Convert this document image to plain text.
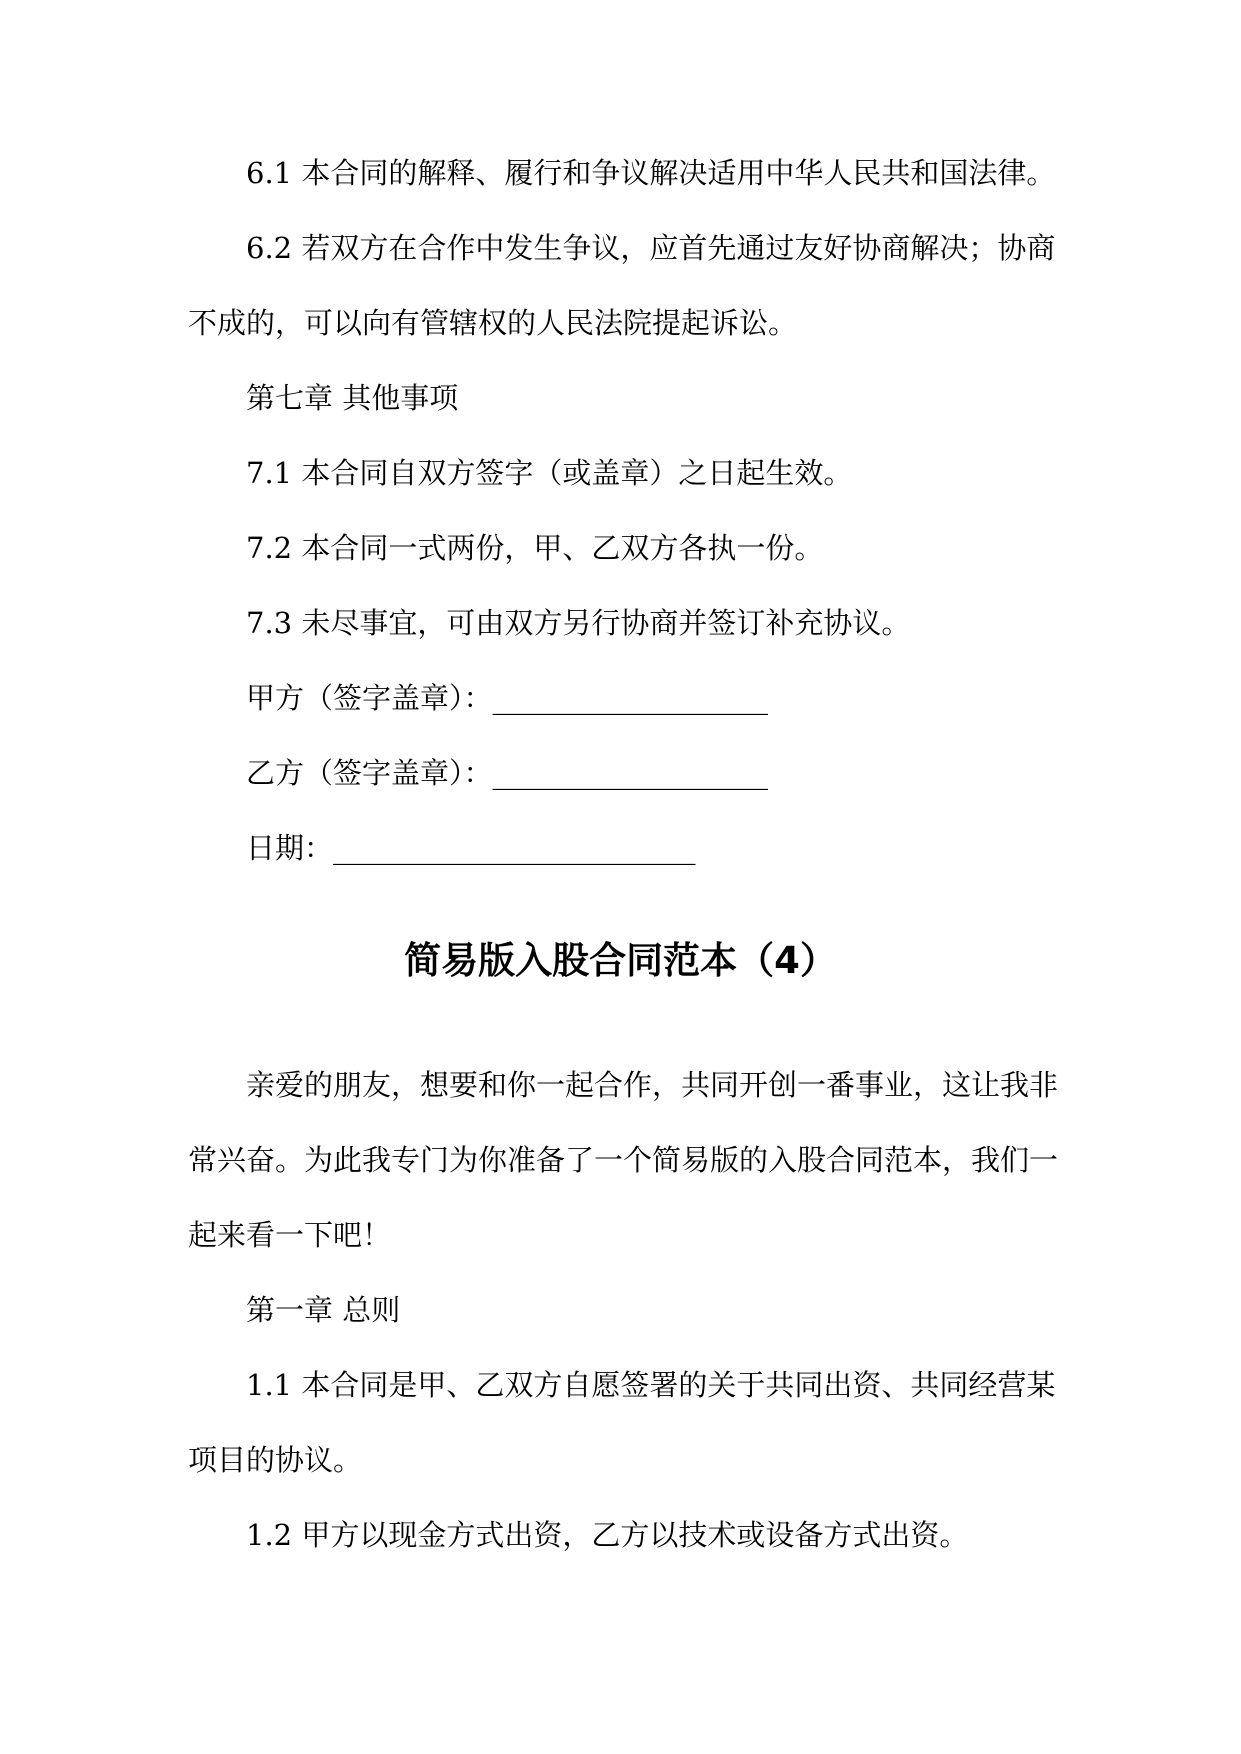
6.1 本合同的解释、履行和争议解决适用中华人民共和国法律。
6.2 若双方在合作中发生争议，应首先通过友好协商解决；协商
不成的，可以向有管辖权的人民法院提起诉讼。
第七章 其他事项
7.1 本合同自双方签字（或盖章）之日起生效。
7.2 本合同一式两份，甲、乙双方各执一份。
7.3 未尽事宜，可由双方另行协商并签订补充协议。
甲方（签字盖章）：___________________
乙方（签字盖章）：___________________
日期：_________________________
简易版入股合同范本（4）
亲爱的朋友，想要和你一起合作，共同开创一番事业，这让我非
常兴奋。为此我专门为你准备了一个简易版的入股合同范本，我们一
起来看一下吧！
第一章 总则
1.1 本合同是甲、乙双方自愿签署的关于共同出资、共同经营某
项目的协议。
1.2 甲方以现金方式出资，乙方以技术或设备方式出资。
